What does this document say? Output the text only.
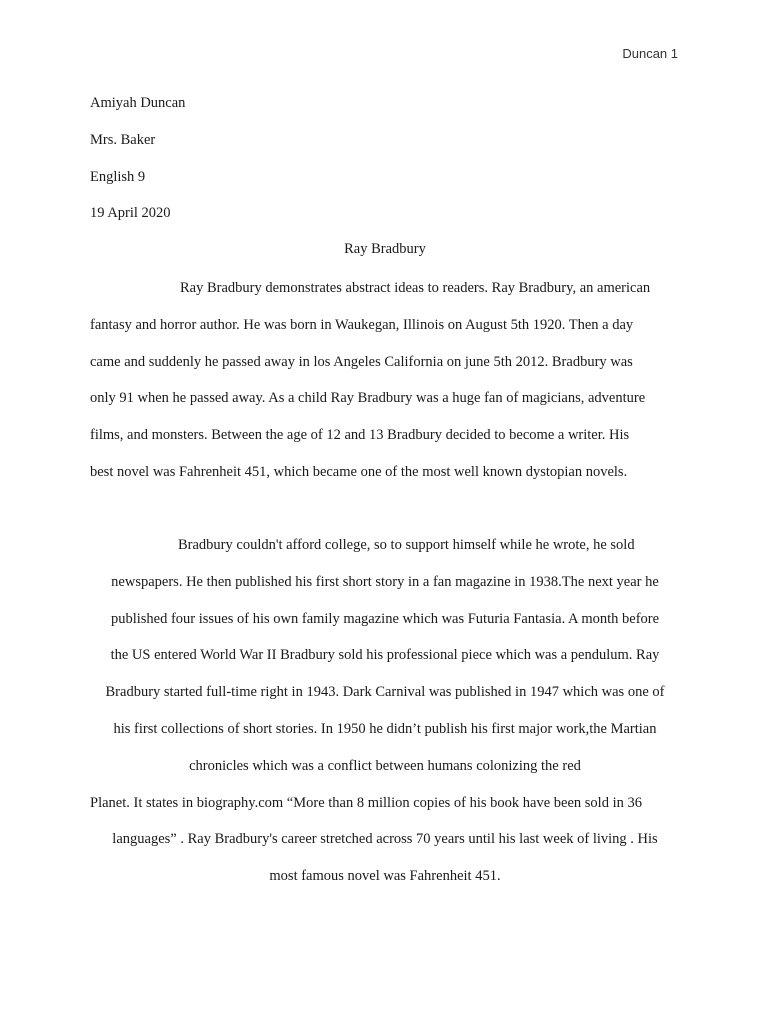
Duncan 1
Amiyah Duncan
Mrs. Baker
English 9
19 April 2020
Ray Bradbury
Ray Bradbury demonstrates abstract ideas to readers. Ray Bradbury, an american
fantasy and horror author. He was born in Waukegan, Illinois on August 5th 1920. Then a day
came and suddenly he passed away in los Angeles California on june 5th 2012. Bradbury was
only 91 when he passed away. As a child Ray Bradbury was a huge fan of magicians, adventure
films, and monsters. Between the age of 12 and 13 Bradbury decided to become a writer. His
best novel was Fahrenheit 451, which became one of the most well known dystopian novels.
Bradbury couldn't afford college, so to support himself while he wrote, he sold
newspapers. He then published his first short story in a fan magazine in 1938.The next year he
published four issues of his own family magazine which was Futuria Fantasia. A month before
the US entered World War II Bradbury sold his professional piece which was a pendulum. Ray
Bradbury started full-time right in 1943. Dark Carnival was published in 1947 which was one of
his first collections of short stories. In 1950 he didn’t publish his first major work,the Martian
chronicles which was a conflict between humans colonizing the red
Planet. It states in biography.com “More than 8 million copies of his book have been sold in 36
languages” . Ray Bradbury's career stretched across 70 years until his last week of living . His
most famous novel was Fahrenheit 451.
